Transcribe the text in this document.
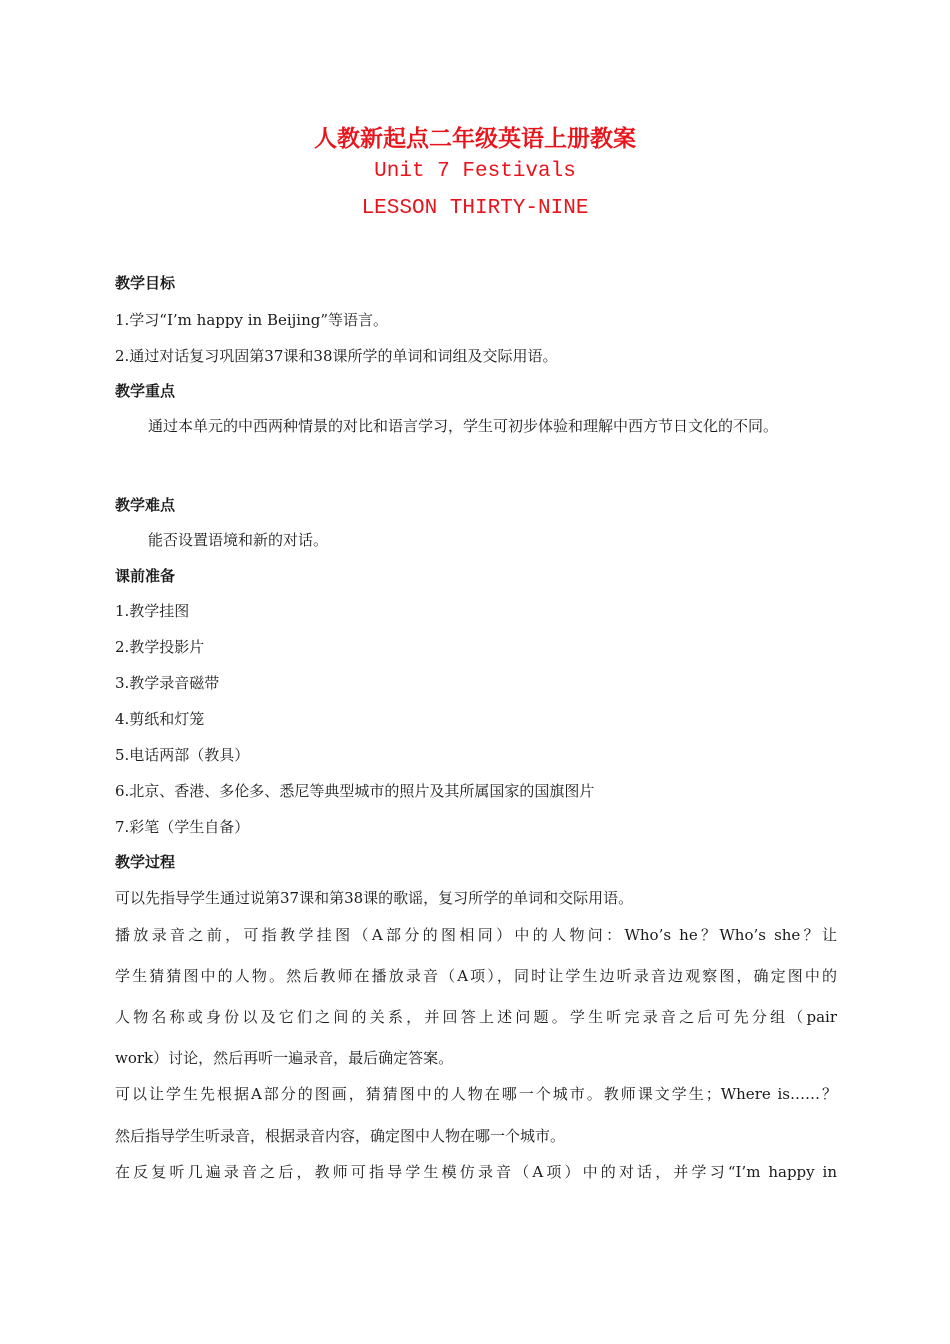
人教新起点二年级英语上册教案
Unit 7 Festivals
LESSON THIRTY-NINE
教学目标
1.学习“I’m happy in Beijing”等语言。
2.通过对话复习巩固第37课和38课所学的单词和词组及交际用语。
教学重点
通过本单元的中西两种情景的对比和语言学习，学生可初步体验和理解中西方节日文化的不同。
教学难点
能否设置语境和新的对话。
课前准备
1.教学挂图
2.教学投影片
3.教学录音磁带
4.剪纸和灯笼
5.电话两部（教具）
6.北京、香港、多伦多、悉尼等典型城市的照片及其所属国家的国旗图片
7.彩笔（学生自备）
教学过程
可以先指导学生通过说第37课和第38课的歌谣，复习所学的单词和交际用语。
播放录音之前，可指教学挂图（A部分的图相同）中的人物问：Who’s he？Who’s she？让
学生猜猜图中的人物。然后教师在播放录音（A项），同时让学生边听录音边观察图，确定图中的
人物名称或身份以及它们之间的关系，并回答上述问题。学生听完录音之后可先分组（pair
work）讨论，然后再听一遍录音，最后确定答案。
可以让学生先根据A部分的图画，猜猜图中的人物在哪一个城市。教师课文学生；Where is……？
然后指导学生听录音，根据录音内容，确定图中人物在哪一个城市。
在反复听几遍录音之后，教师可指导学生模仿录音（A项）中的对话，并学习“I’m happy in
